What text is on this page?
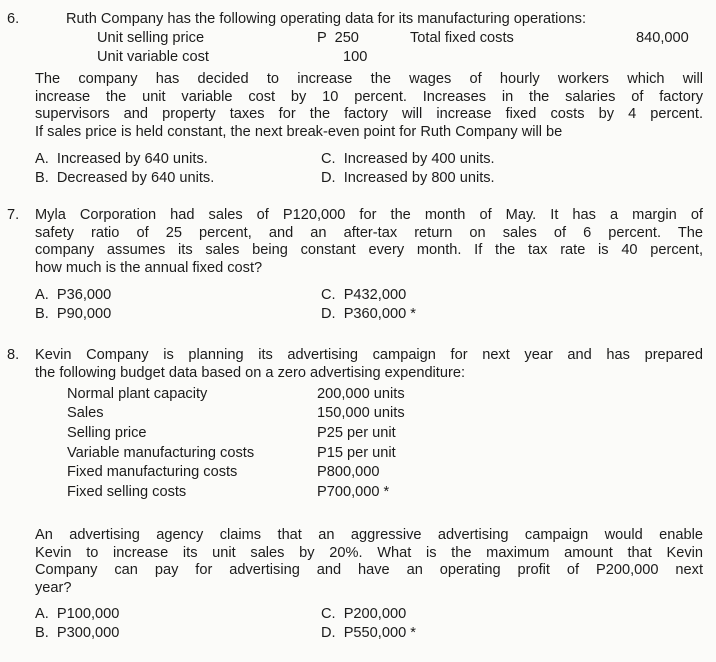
6.	Ruth Company has the following operating data for its manufacturing operations:
Unit selling price	P  250	Total fixed costs	840,000
Unit variable cost	100
The company has decided to increase the wages of hourly workers which will
increase the unit variable cost by 10 percent. Increases in the salaries of factory
supervisors and property taxes for the factory will increase fixed costs by 4 percent.
If sales price is held constant, the next break-even point for Ruth Company will be
A.  Increased by 640 units.
B.  Decreased by 640 units.
C.  Increased by 400 units.
D.  Increased by 800 units.
7. Myla Corporation had sales of P120,000 for the month of May. It has a margin of
safety ratio of 25 percent, and an after-tax return on sales of 6 percent. The
company assumes its sales being constant every month. If the tax rate is 40 percent,
how much is the annual fixed cost?
A.  P36,000
B.  P90,000
C.  P432,000
D.  P360,000 *
8. Kevin Company is planning its advertising campaign for next year and has prepared
the following budget data based on a zero advertising expenditure:
Normal plant capacity	200,000 units
Sales	150,000 units
Selling price	P25 per unit
Variable manufacturing costs	P15 per unit
Fixed manufacturing costs	P800,000
Fixed selling costs	P700,000 *
An advertising agency claims that an aggressive advertising campaign would enable
Kevin to increase its unit sales by 20%. What is the maximum amount that Kevin
Company can pay for advertising and have an operating profit of P200,000 next
year?
A.  P100,000
B.  P300,000
C.  P200,000
D.  P550,000 *
